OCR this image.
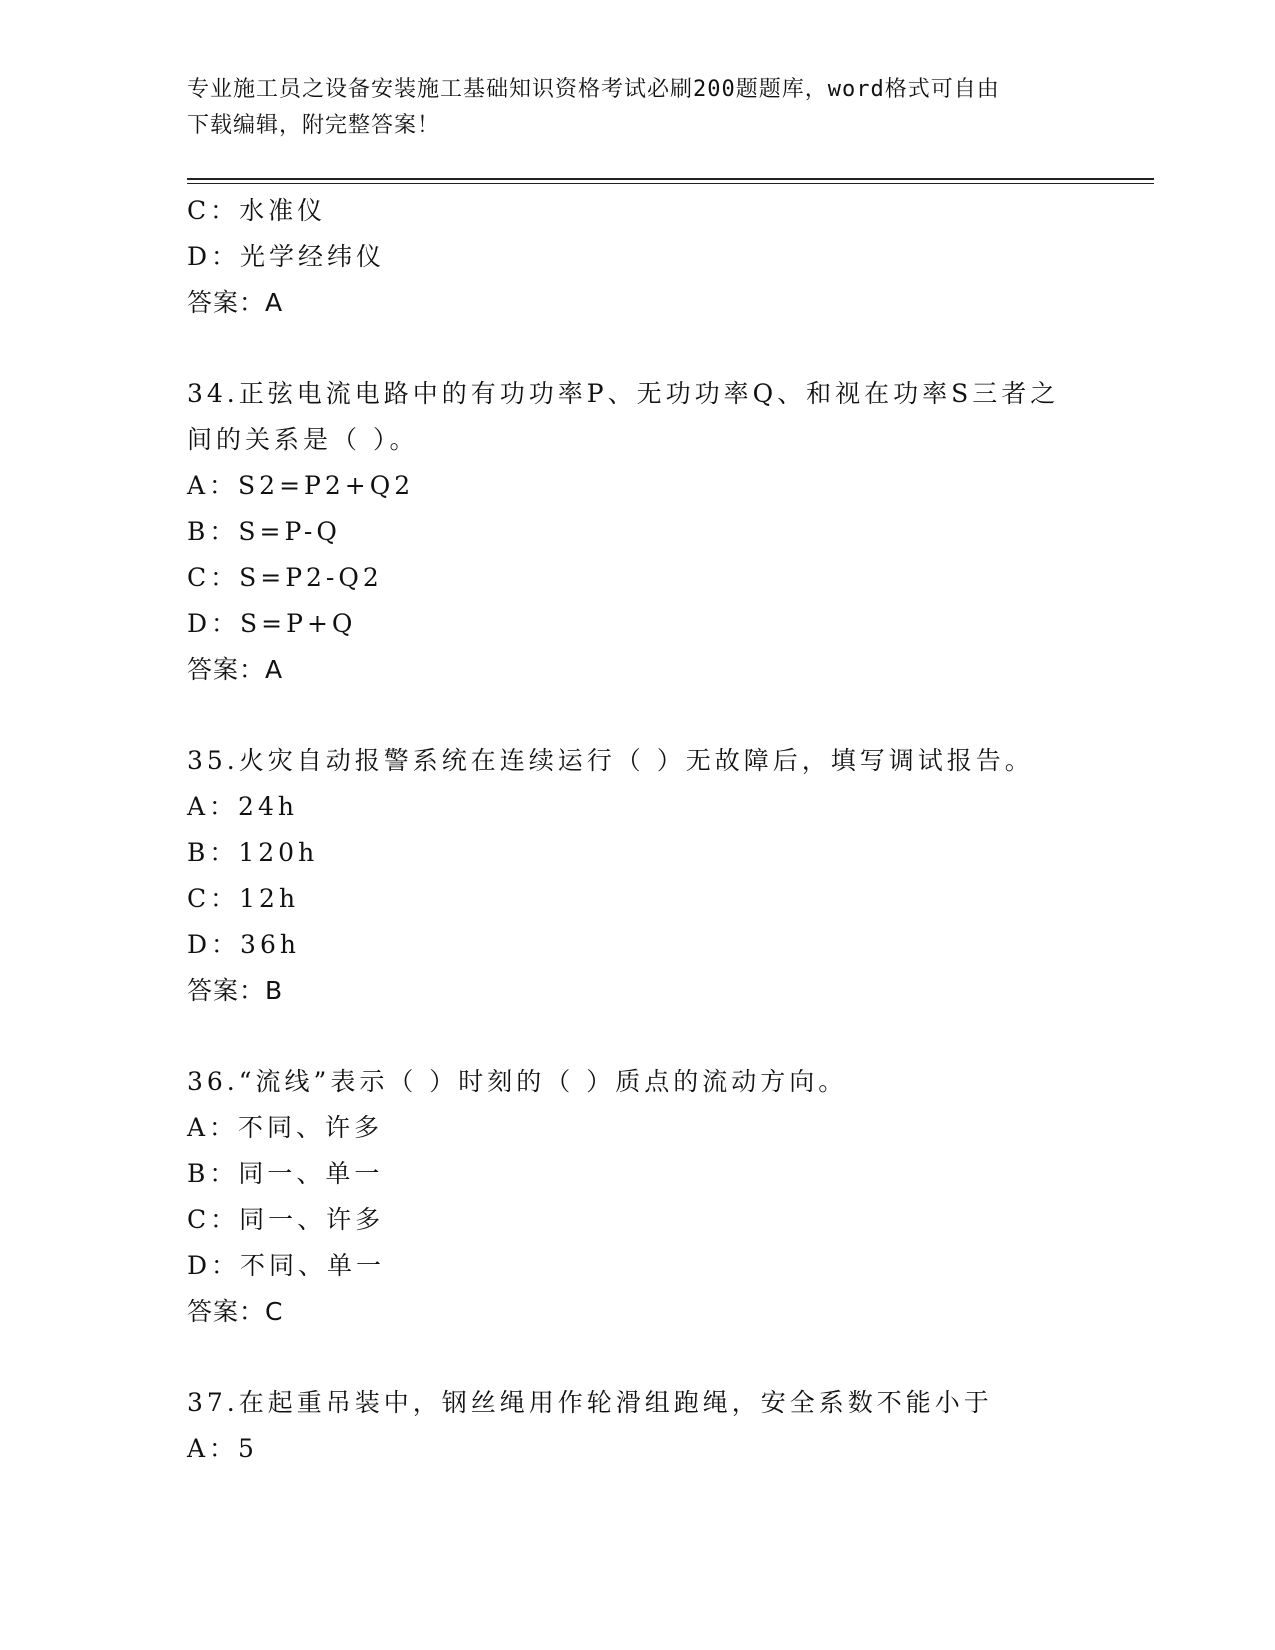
专业施工员之设备安装施工基础知识资格考试必刷200题题库，word格式可自由
下载编辑，附完整答案！
C：水准仪
D：光学经纬仪
答案：A
34.正弦电流电路中的有功功率P、无功功率Q、和视在功率S三者之
间的关系是（ ）。
A：S2=P2+Q2
B：S=P-Q
C：S=P2-Q2
D：S=P+Q
答案：A
35.火灾自动报警系统在连续运行（ ）无故障后，填写调试报告。
A：24h
B：120h
C：12h
D：36h
答案：B
36.“流线”表示（ ）时刻的（ ）质点的流动方向。
A：不同、许多
B：同一、单一
C：同一、许多
D：不同、单一
答案：C
37.在起重吊装中，钢丝绳用作轮滑组跑绳，安全系数不能小于
A：5
